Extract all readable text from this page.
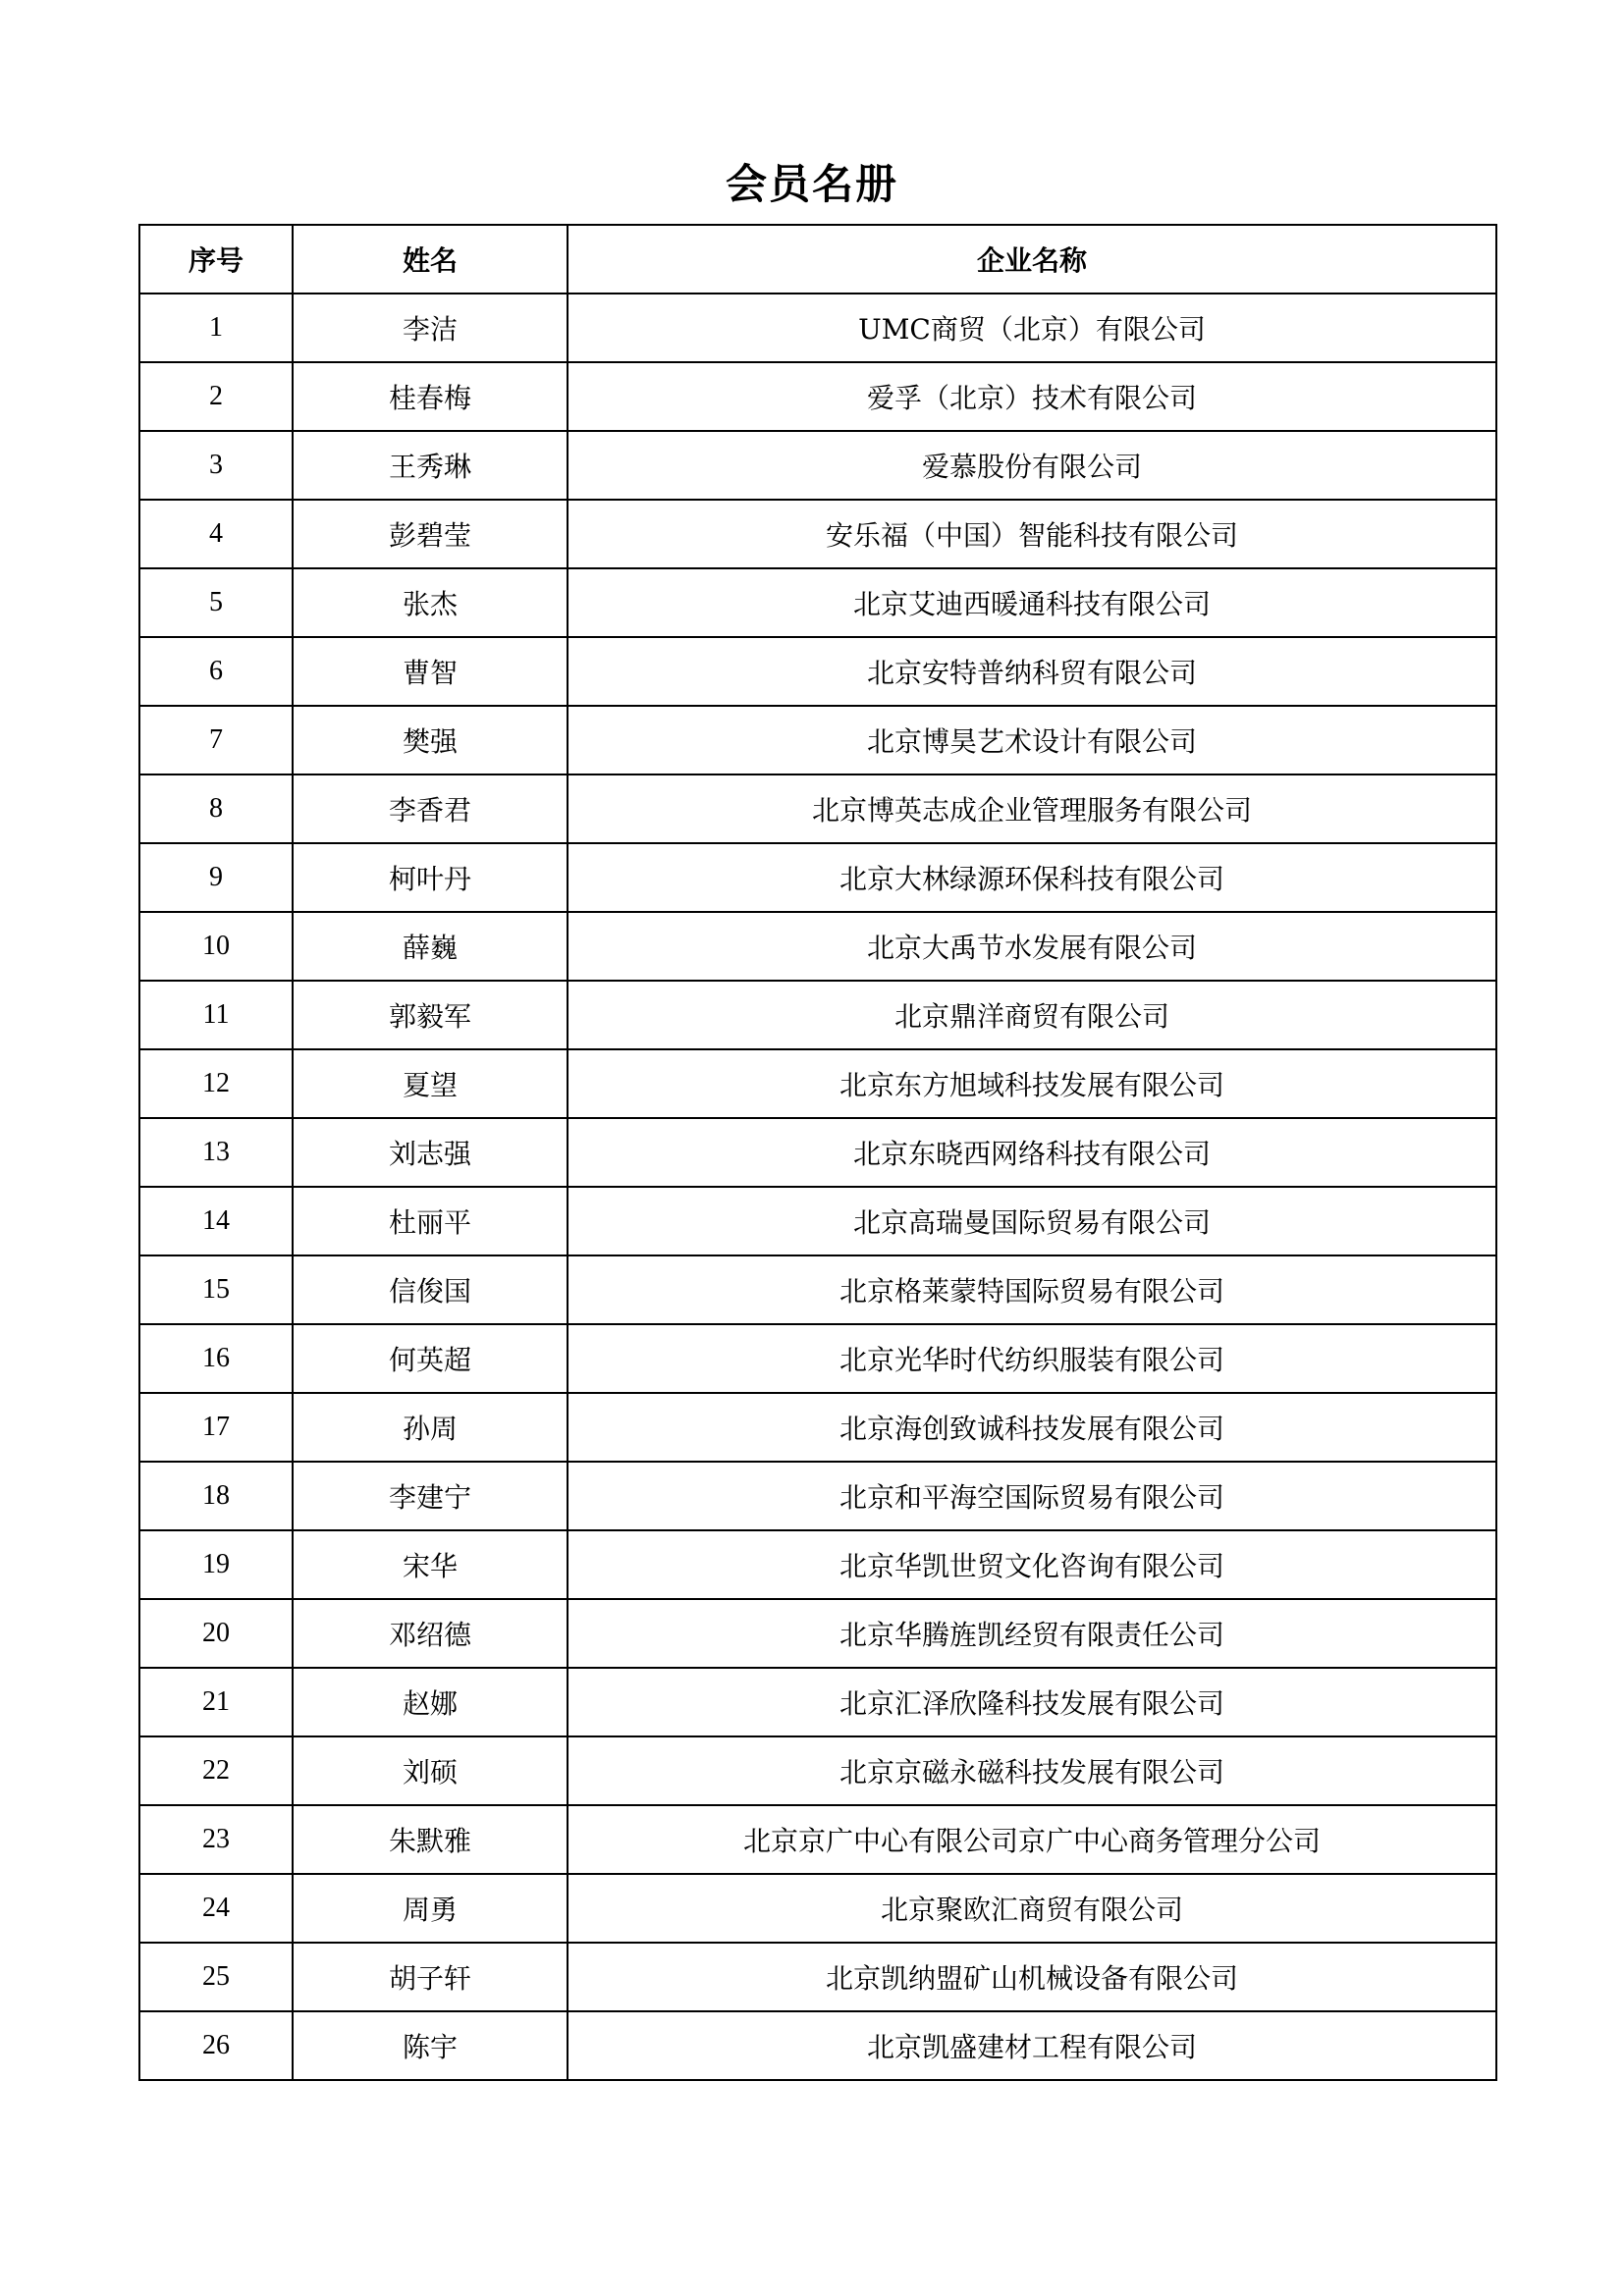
会员名册
序号	姓名	企业名称
1	李洁	UMC商贸（北京）有限公司
2	桂春梅	爱孚（北京）技术有限公司
3	王秀琳	爱慕股份有限公司
4	彭碧莹	安乐福（中国）智能科技有限公司
5	张杰	北京艾迪西暖通科技有限公司
6	曹智	北京安特普纳科贸有限公司
7	樊强	北京博昊艺术设计有限公司
8	李香君	北京博英志成企业管理服务有限公司
9	柯叶丹	北京大林绿源环保科技有限公司
10	薛巍	北京大禹节水发展有限公司
11	郭毅军	北京鼎洋商贸有限公司
12	夏望	北京东方旭域科技发展有限公司
13	刘志强	北京东晓西网络科技有限公司
14	杜丽平	北京高瑞曼国际贸易有限公司
15	信俊国	北京格莱蒙特国际贸易有限公司
16	何英超	北京光华时代纺织服装有限公司
17	孙周	北京海创致诚科技发展有限公司
18	李建宁	北京和平海空国际贸易有限公司
19	宋华	北京华凯世贸文化咨询有限公司
20	邓绍德	北京华腾旌凯经贸有限责任公司
21	赵娜	北京汇泽欣隆科技发展有限公司
22	刘硕	北京京磁永磁科技发展有限公司
23	朱默雅	北京京广中心有限公司京广中心商务管理分公司
24	周勇	北京聚欧汇商贸有限公司
25	胡子轩	北京凯纳盟矿山机械设备有限公司
26	陈宇	北京凯盛建材工程有限公司
